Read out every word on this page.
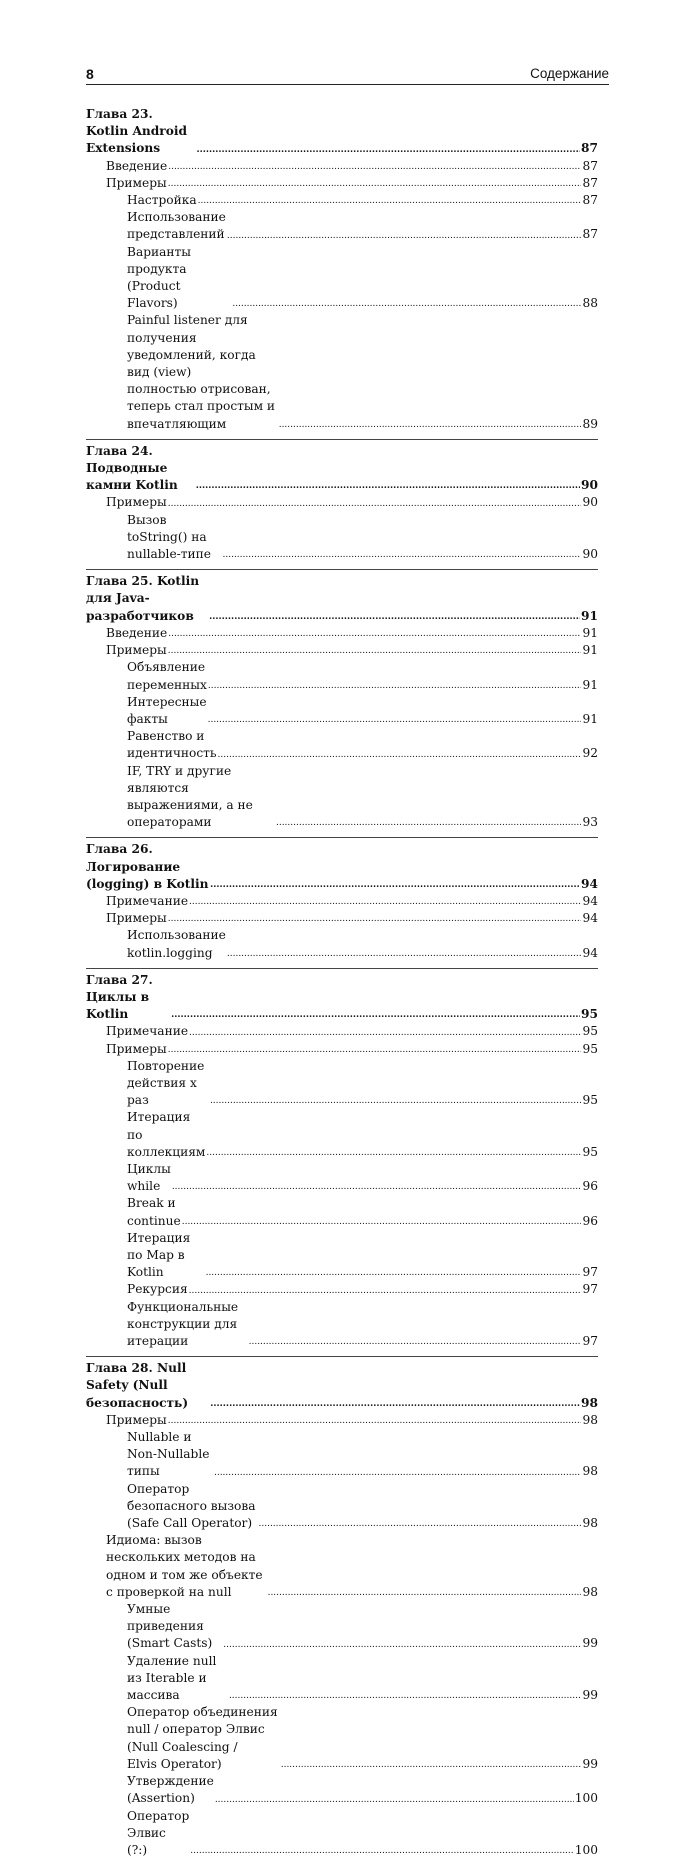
8	Содержание
Глава 23. Kotlin Android Extensions .....	87
Введение .....	87
Примеры .....	87
Настройка .....	87
Использование представлений .....	87
Варианты продукта (Product Flavors) .....	88
Painful listener для получения уведомлений, когда вид (view)
полностью отрисован, теперь стал простым и впечатляющим .....	89
Глава 24. Подводные камни Kotlin .....	90
Примеры .....	90
Вызов toString() на nullable-типе .....	90
Глава 25. Kotlin для Java-разработчиков .....	91
Введение .....	91
Примеры .....	91
Объявление переменных .....	91
Интересные факты .....	91
Равенство и идентичность .....	92
IF, TRY и другие являются выражениями, а не операторами .....	93
Глава 26. Логирование (logging) в Kotlin .....	94
Примечание .....	94
Примеры .....	94
Использование kotlin.logging .....	94
Глава 27. Циклы в Kotlin .....	95
Примечание .....	95
Примеры .....	95
Повторение действия x раз .....	95
Итерация по коллекциям .....	95
Циклы while .....	96
Break и continue .....	96
Итерация по Map в Kotlin .....	97
Рекурсия .....	97
Функциональные конструкции для итерации .....	97
Глава 28. Null Safety (Null безопасность) .....	98
Примеры .....	98
Nullable и Non-Nullable типы .....	98
Оператор безопасного вызова (Safe Call Operator) .....	98
Идиома: вызов нескольких методов на одном и том же объекте
с проверкой на null .....	98
Умные приведения (Smart Casts) .....	99
Удаление null из Iterable и массива .....	99
Оператор объединения null / оператор Элвис (Null Coalescing /
Elvis Operator) .....	99
Утверждение (Assertion) .....	100
Оператор Элвис (?:) .....	100
